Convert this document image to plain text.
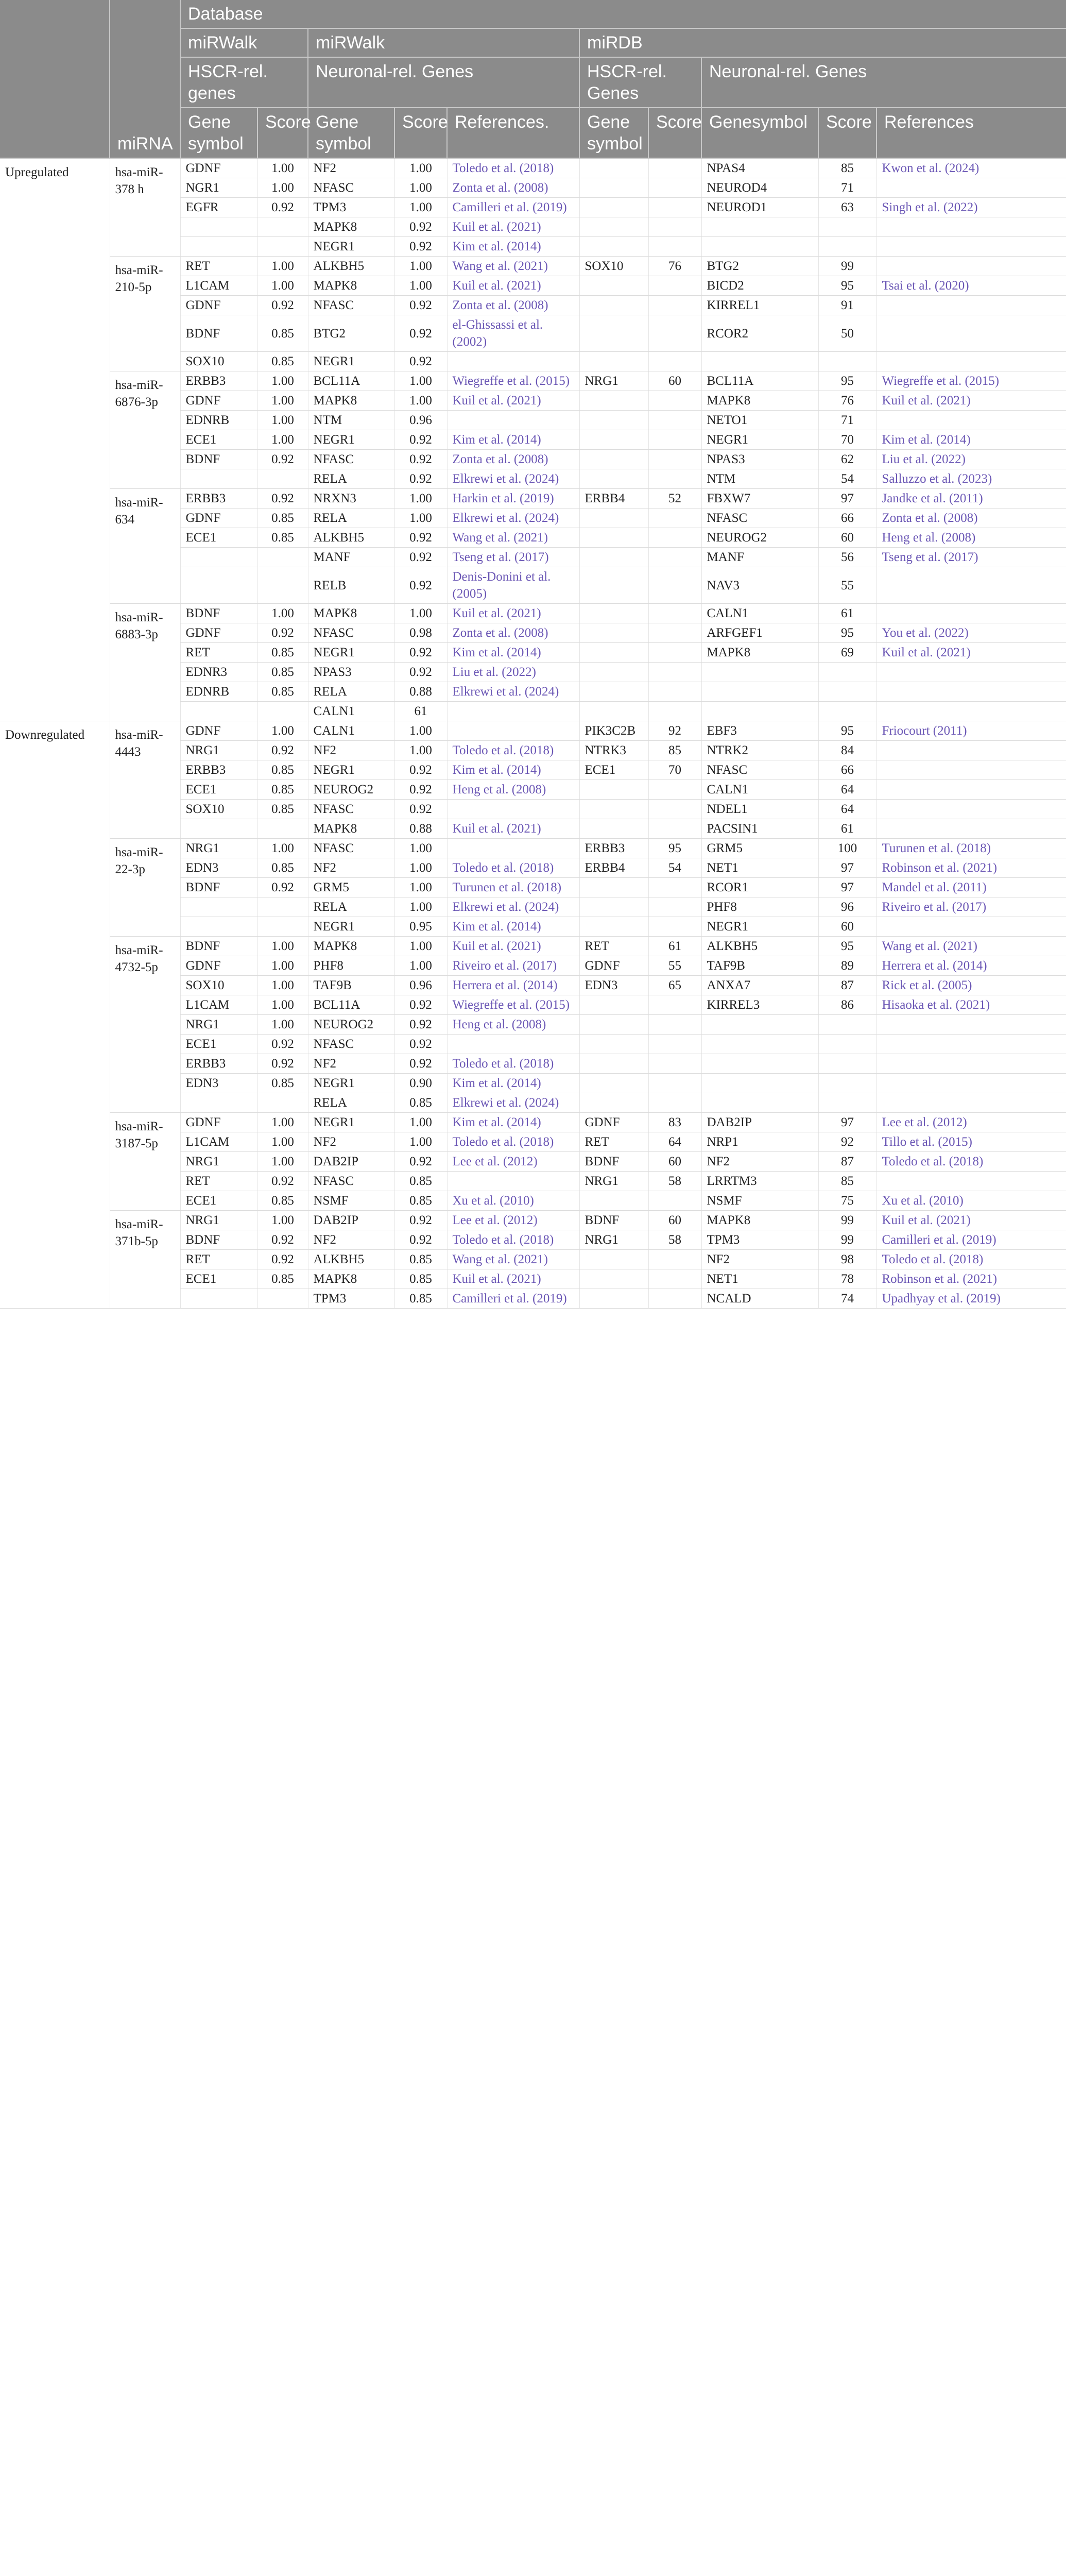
	miRNA	Database									
		miRWalk		miRWalk			miRDB				
		HSCR-rel. genes		Neuronal-rel. Genes			HSCR-rel. Genes		Neuronal-rel. Genes		
		Gene symbol	Score	Gene symbol	Score	References.	Gene symbol	Score	Genesymbol	Score	References
Upregulated	hsa-miR-378 h	GDNF	1.00	NF2	1.00	Toledo et al. (2018)			NPAS4	85	Kwon et al. (2024)
		NGR1	1.00	NFASC	1.00	Zonta et al. (2008)			NEUROD4	71	
		EGFR	0.92	TPM3	1.00	Camilleri et al. (2019)			NEUROD1	63	Singh et al. (2022)
				MAPK8	0.92	Kuil et al. (2021)					
				NEGR1	0.92	Kim et al. (2014)					
	hsa-miR-210-5p	RET	1.00	ALKBH5	1.00	Wang et al. (2021)	SOX10	76	BTG2	99	
		L1CAM	1.00	MAPK8	1.00	Kuil et al. (2021)			BICD2	95	Tsai et al. (2020)
		GDNF	0.92	NFASC	0.92	Zonta et al. (2008)			KIRREL1	91	
		BDNF	0.85	BTG2	0.92	el-Ghissassi et al. (2002)			RCOR2	50	
		SOX10	0.85	NEGR1	0.92						
	hsa-miR-6876-3p	ERBB3	1.00	BCL11A	1.00	Wiegreffe et al. (2015)	NRG1	60	BCL11A	95	Wiegreffe et al. (2015)
		GDNF	1.00	MAPK8	1.00	Kuil et al. (2021)			MAPK8	76	Kuil et al. (2021)
		EDNRB	1.00	NTM	0.96				NETO1	71	
		ECE1	1.00	NEGR1	0.92	Kim et al. (2014)			NEGR1	70	Kim et al. (2014)
		BDNF	0.92	NFASC	0.92	Zonta et al. (2008)			NPAS3	62	Liu et al. (2022)
				RELA	0.92	Elkrewi et al. (2024)			NTM	54	Salluzzo et al. (2023)
	hsa-miR-634	ERBB3	0.92	NRXN3	1.00	Harkin et al. (2019)	ERBB4	52	FBXW7	97	Jandke et al. (2011)
		GDNF	0.85	RELA	1.00	Elkrewi et al. (2024)			NFASC	66	Zonta et al. (2008)
		ECE1	0.85	ALKBH5	0.92	Wang et al. (2021)			NEUROG2	60	Heng et al. (2008)
				MANF	0.92	Tseng et al. (2017)			MANF	56	Tseng et al. (2017)
				RELB	0.92	Denis-Donini et al. (2005)			NAV3	55	
	hsa-miR-6883-3p	BDNF	1.00	MAPK8	1.00	Kuil et al. (2021)			CALN1	61	
		GDNF	0.92	NFASC	0.98	Zonta et al. (2008)			ARFGEF1	95	You et al. (2022)
		RET	0.85	NEGR1	0.92	Kim et al. (2014)			MAPK8	69	Kuil et al. (2021)
		EDNR3	0.85	NPAS3	0.92	Liu et al. (2022)					
		EDNRB	0.85	RELA	0.88	Elkrewi et al. (2024)					
				CALN1	61						
Downregulated	hsa-miR-4443	GDNF	1.00	CALN1	1.00		PIK3C2B	92	EBF3	95	Friocourt (2011)
		NRG1	0.92	NF2	1.00	Toledo et al. (2018)	NTRK3	85	NTRK2	84	
		ERBB3	0.85	NEGR1	0.92	Kim et al. (2014)	ECE1	70	NFASC	66	
		ECE1	0.85	NEUROG2	0.92	Heng et al. (2008)			CALN1	64	
		SOX10	0.85	NFASC	0.92				NDEL1	64	
				MAPK8	0.88	Kuil et al. (2021)			PACSIN1	61	
	hsa-miR-22-3p	NRG1	1.00	NFASC	1.00		ERBB3	95	GRM5	100	Turunen et al. (2018)
		EDN3	0.85	NF2	1.00	Toledo et al. (2018)	ERBB4	54	NET1	97	Robinson et al. (2021)
		BDNF	0.92	GRM5	1.00	Turunen et al. (2018)			RCOR1	97	Mandel et al. (2011)
				RELA	1.00	Elkrewi et al. (2024)			PHF8	96	Riveiro et al. (2017)
				NEGR1	0.95	Kim et al. (2014)			NEGR1	60	
	hsa-miR-4732-5p	BDNF	1.00	MAPK8	1.00	Kuil et al. (2021)	RET	61	ALKBH5	95	Wang et al. (2021)
		GDNF	1.00	PHF8	1.00	Riveiro et al. (2017)	GDNF	55	TAF9B	89	Herrera et al. (2014)
		SOX10	1.00	TAF9B	0.96	Herrera et al. (2014)	EDN3	65	ANXA7	87	Rick et al. (2005)
		L1CAM	1.00	BCL11A	0.92	Wiegreffe et al. (2015)			KIRREL3	86	Hisaoka et al. (2021)
		NRG1	1.00	NEUROG2	0.92	Heng et al. (2008)					
		ECE1	0.92	NFASC	0.92						
		ERBB3	0.92	NF2	0.92	Toledo et al. (2018)					
		EDN3	0.85	NEGR1	0.90	Kim et al. (2014)					
				RELA	0.85	Elkrewi et al. (2024)					
	hsa-miR-3187-5p	GDNF	1.00	NEGR1	1.00	Kim et al. (2014)	GDNF	83	DAB2IP	97	Lee et al. (2012)
		L1CAM	1.00	NF2	1.00	Toledo et al. (2018)	RET	64	NRP1	92	Tillo et al. (2015)
		NRG1	1.00	DAB2IP	0.92	Lee et al. (2012)	BDNF	60	NF2	87	Toledo et al. (2018)
		RET	0.92	NFASC	0.85		NRG1	58	LRRTM3	85	
		ECE1	0.85	NSMF	0.85	Xu et al. (2010)			NSMF	75	Xu et al. (2010)
	hsa-miR-371b-5p	NRG1	1.00	DAB2IP	0.92	Lee et al. (2012)	BDNF	60	MAPK8	99	Kuil et al. (2021)
		BDNF	0.92	NF2	0.92	Toledo et al. (2018)	NRG1	58	TPM3	99	Camilleri et al. (2019)
		RET	0.92	ALKBH5	0.85	Wang et al. (2021)			NF2	98	Toledo et al. (2018)
		ECE1	0.85	MAPK8	0.85	Kuil et al. (2021)			NET1	78	Robinson et al. (2021)
				TPM3	0.85	Camilleri et al. (2019)			NCALD	74	Upadhyay et al. (2019)
